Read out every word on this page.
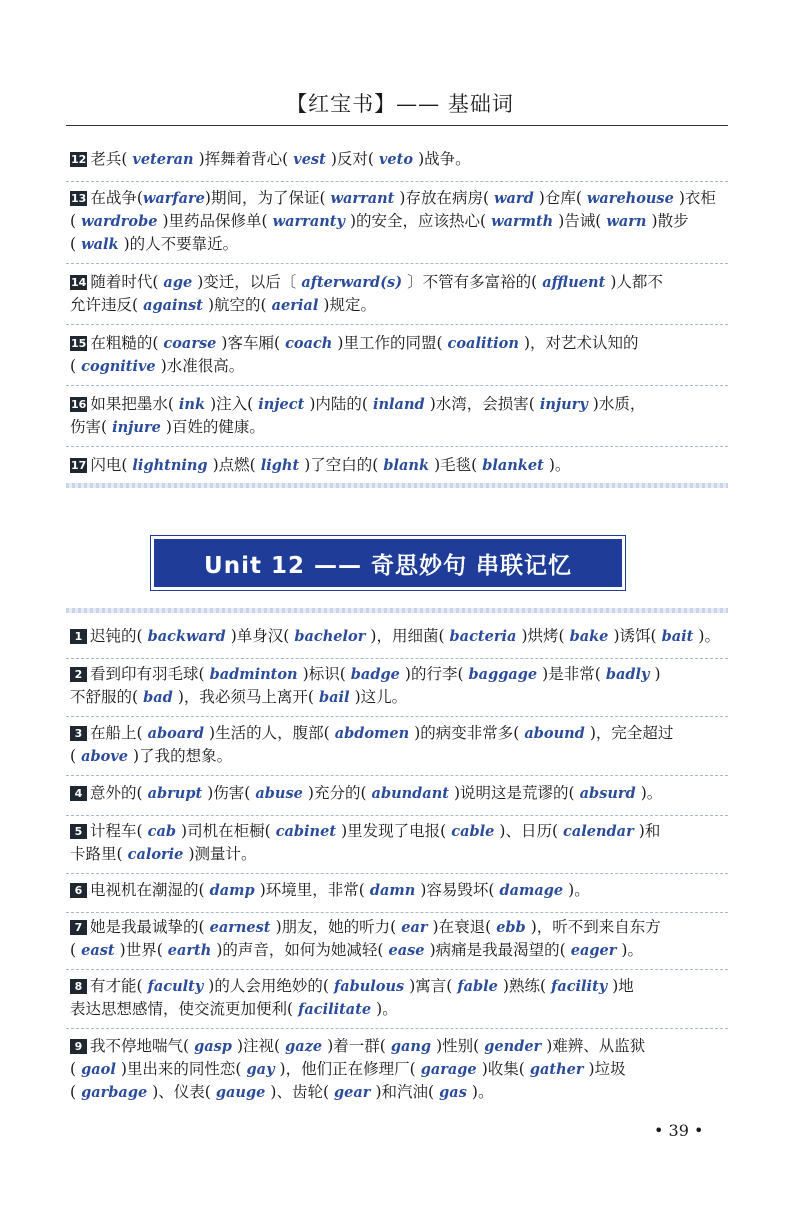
【红宝书】—— 基础词
12 老兵( veteran )挥舞着背心( vest )反对( veto )战争。
13 在战争(warfare)期间，为了保证( warrant )存放在病房( ward )仓库( warehouse )衣柜
( wardrobe )里药品保修单( warranty )的安全，应该热心( warmth )告诫( warn )散步
( walk )的人不要靠近。
14 随着时代( age )变迁，以后〔 afterward(s) 〕不管有多富裕的( affluent )人都不
允许违反( against )航空的( aerial )规定。
15 在粗糙的( coarse )客车厢( coach )里工作的同盟( coalition )，对艺术认知的
( cognitive )水准很高。
16 如果把墨水( ink )注入( inject )内陆的( inland )水湾，会损害( injury )水质，
伤害( injure )百姓的健康。
17 闪电( lightning )点燃( light )了空白的( blank )毛毯( blanket )。
Unit 12 —— 奇思妙句 串联记忆
1 迟钝的( backward )单身汉( bachelor )，用细菌( bacteria )烘烤( bake )诱饵( bait )。
2 看到印有羽毛球( badminton )标识( badge )的行李( baggage )是非常( badly )
不舒服的( bad )，我必须马上离开( bail )这儿。
3 在船上( aboard )生活的人，腹部( abdomen )的病变非常多( abound )，完全超过
( above )了我的想象。
4 意外的( abrupt )伤害( abuse )充分的( abundant )说明这是荒谬的( absurd )。
5 计程车( cab )司机在柜橱( cabinet )里发现了电报( cable )、日历( calendar )和
卡路里( calorie )测量计。
6 电视机在潮湿的( damp )环境里，非常( damn )容易毁坏( damage )。
7 她是我最诚挚的( earnest )朋友，她的听力( ear )在衰退( ebb )，听不到来自东方
( east )世界( earth )的声音，如何为她减轻( ease )病痛是我最渴望的( eager )。
8 有才能( faculty )的人会用绝妙的( fabulous )寓言( fable )熟练( facility )地
表达思想感情，使交流更加便利( facilitate )。
9 我不停地喘气( gasp )注视( gaze )着一群( gang )性别( gender )难辨、从监狱
( gaol )里出来的同性恋( gay )，他们正在修理厂( garage )收集( gather )垃圾
( garbage )、仪表( gauge )、齿轮( gear )和汽油( gas )。
• 39 •
